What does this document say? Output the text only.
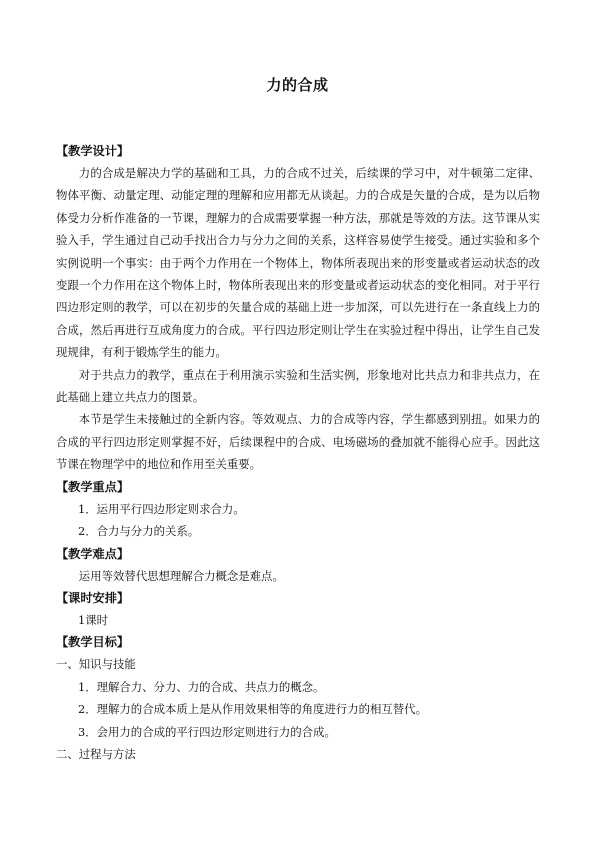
力的合成

【教学设计】

力的合成是解决力学的基础和工具，力的合成不过关，后续课的学习中，对牛顿第二定律、物体平衡、动量定理、动能定理的理解和应用都无从谈起。力的合成是矢量的合成，是为以后物体受力分析作准备的一节课，理解力的合成需要掌握一种方法，那就是等效的方法。这节课从实验入手，学生通过自己动手找出合力与分力之间的关系，这样容易使学生接受。通过实验和多个实例说明一个事实：由于两个力作用在一个物体上，物体所表现出来的形变量或者运动状态的改变跟一个力作用在这个物体上时，物体所表现出来的形变量或者运动状态的变化相同。对于平行四边形定则的教学，可以在初步的矢量合成的基础上进一步加深，可以先进行在一条直线上力的合成，然后再进行互成角度力的合成。平行四边形定则让学生在实验过程中得出，让学生自己发现规律，有利于锻炼学生的能力。

对于共点力的教学，重点在于利用演示实验和生活实例，形象地对比共点力和非共点力，在此基础上建立共点力的图景。

本节是学生未接触过的全新内容。等效观点、力的合成等内容，学生都感到别扭。如果力的合成的平行四边形定则掌握不好，后续课程中的合成、电场磁场的叠加就不能得心应手。因此这节课在物理学中的地位和作用至关重要。

【教学重点】

1．运用平行四边形定则求合力。

2．合力与分力的关系。

【教学难点】

运用等效替代思想理解合力概念是难点。

【课时安排】

1课时

【教学目标】

一、知识与技能

1．理解合力、分力、力的合成、共点力的概念。

2．理解力的合成本质上是从作用效果相等的角度进行力的相互替代。

3．会用力的合成的平行四边形定则进行力的合成。

二、过程与方法
